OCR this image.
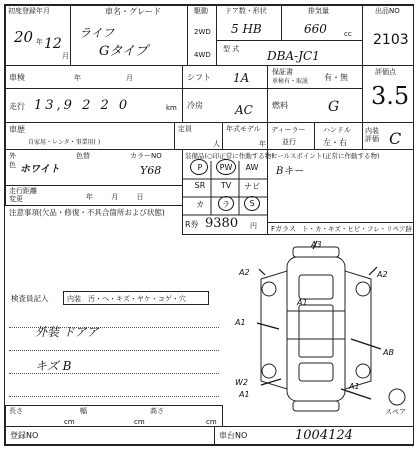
初度登録年月
20 年 12
月
車名・グレード
ライフ
Gタイプ
駆動
2WD
4WD
ドア数・形状
5 HB
排気量
660 cc
型 式 DBA-JC1
出品NO
2103
車検	年	月	シフト 1A	保証書
車検有・取説 有・無
評価点
3.5
走行 13,9 2 2 0	km 冷房	AC 燃料	G
車歴
自家用・レンタ・事業用( )
定員
人
年式モデル
年
ディーラー
並行
ハンドル
左・右
内装評価 C
外
色 ホワイト
色替	カラーNO
Y68
装備品(○印正常に作動する物)
セールスポイント(正常に作動する物)
Bキー
走行距離変更	年 月 日
注意事項(欠品・修復・不具合箇所および状態)
P	PW	AW
SR	TV	ナビ
カ	ラ	S
R券 9380 円 Fガラス ト・カ・キズ・ヒビ・フレ・リペア跡
検査員記入	内装 汚・へ・キズ・ヤケ・コゲ・穴
外装 ドアア
キズ B
A3
A2	A2
A1
A1
AB
W2
A1
A1
スペア
長さ
cm
幅
cm
高さ
cm
登録NO	車台NO	1004124
